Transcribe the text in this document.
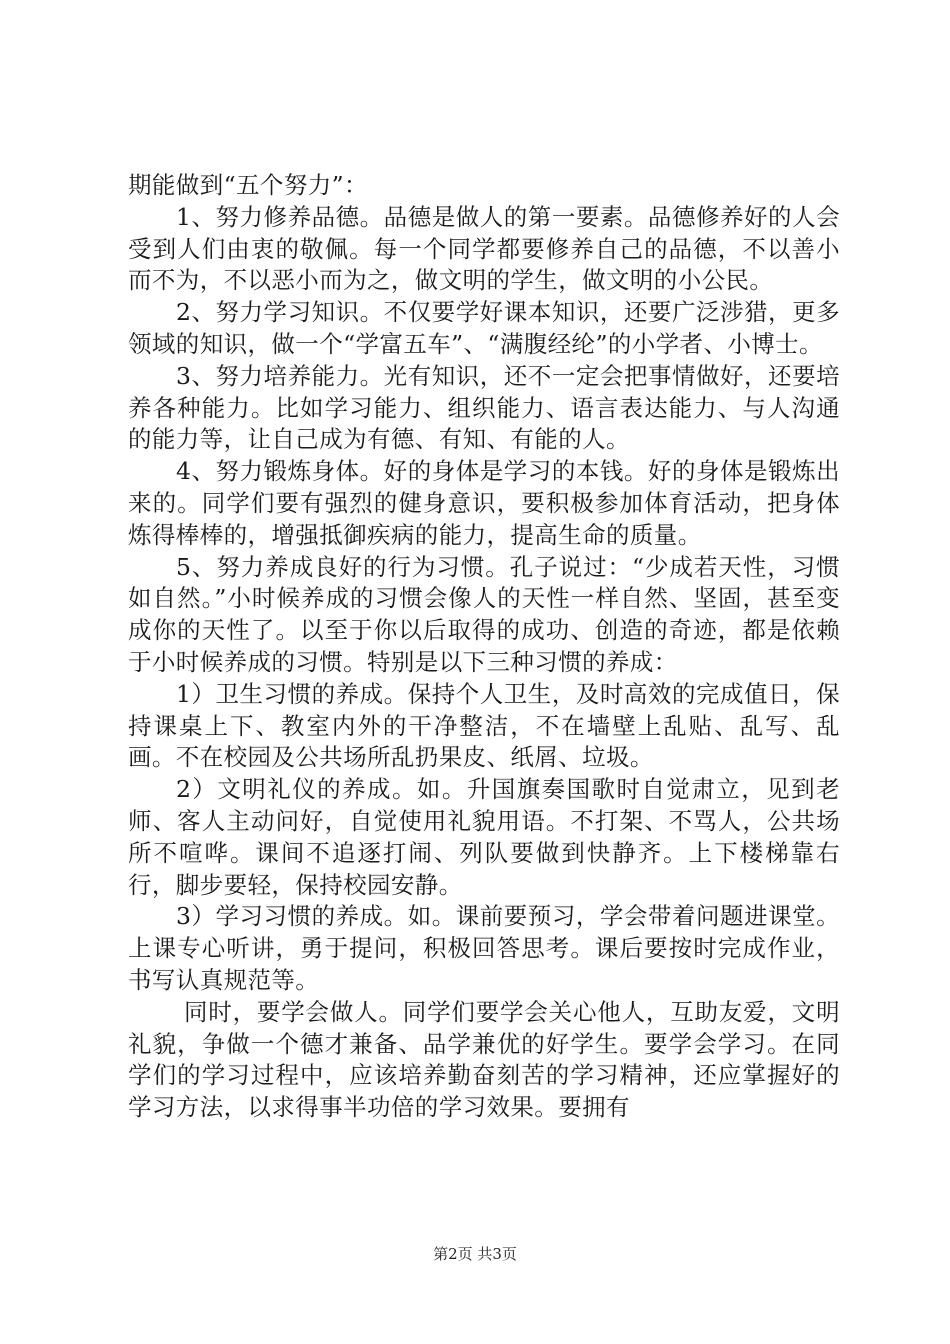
期能做到“五个努力”：

1、努力修养品德。品德是做人的第一要素。品德修养好的人会受到人们由衷的敬佩。每一个同学都要修养自己的品德，不以善小而不为，不以恶小而为之，做文明的学生，做文明的小公民。

2、努力学习知识。不仅要学好课本知识，还要广泛涉猎，更多领域的知识，做一个“学富五车”、“满腹经纶”的小学者、小博士。

3、努力培养能力。光有知识，还不一定会把事情做好，还要培养各种能力。比如学习能力、组织能力、语言表达能力、与人沟通的能力等，让自己成为有德、有知、有能的人。

4、努力锻炼身体。好的身体是学习的本钱。好的身体是锻炼出来的。同学们要有强烈的健身意识，要积极参加体育活动，把身体炼得棒棒的，增强抵御疾病的能力，提高生命的质量。

5、努力养成良好的行为习惯。孔子说过：“少成若天性，习惯如自然。”小时候养成的习惯会像人的天性一样自然、坚固，甚至变成你的天性了。以至于你以后取得的成功、创造的奇迹，都是依赖于小时候养成的习惯。特别是以下三种习惯的养成：

1）卫生习惯的养成。保持个人卫生，及时高效的完成值日，保持课桌上下、教室内外的干净整洁，不在墙壁上乱贴、乱写、乱画。不在校园及公共场所乱扔果皮、纸屑、垃圾。

2）文明礼仪的养成。如。升国旗奏国歌时自觉肃立，见到老师、客人主动问好，自觉使用礼貌用语。不打架、不骂人，公共场所不喧哗。课间不追逐打闹、列队要做到快静齐。上下楼梯靠右行，脚步要轻，保持校园安静。

3）学习习惯的养成。如。课前要预习，学会带着问题进课堂。上课专心听讲，勇于提问，积极回答思考。课后要按时完成作业，书写认真规范等。

同时，要学会做人。同学们要学会关心他人，互助友爱，文明礼貌，争做一个德才兼备、品学兼优的好学生。要学会学习。在同学们的学习过程中，应该培养勤奋刻苦的学习精神，还应掌握好的学习方法，以求得事半功倍的学习效果。要拥有

第2页 共3页
